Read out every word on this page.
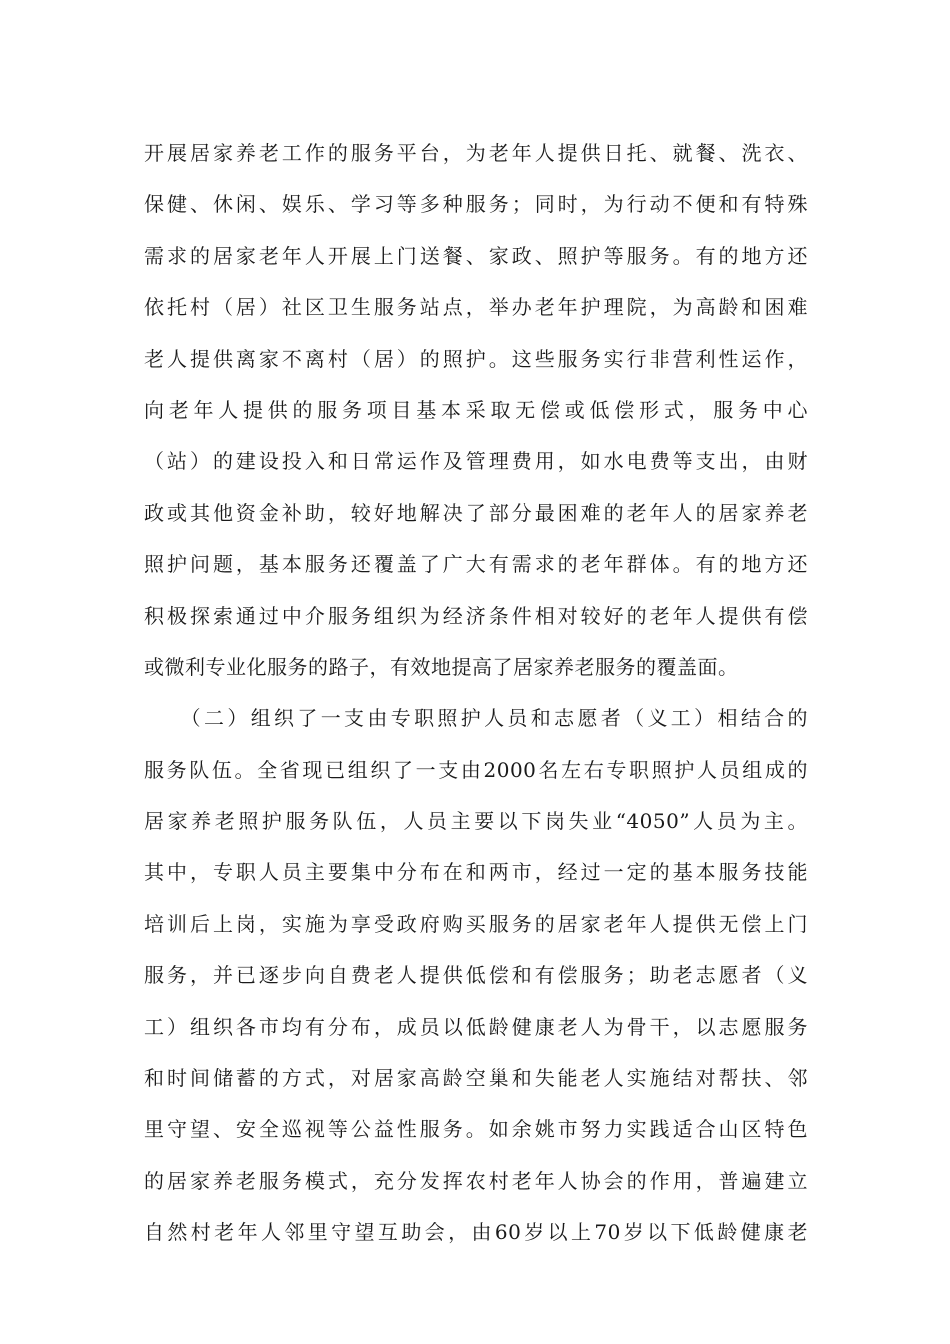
开展居家养老工作的服务平台，为老年人提供日托、就餐、洗衣、
保健、休闲、娱乐、学习等多种服务；同时，为行动不便和有特殊
需求的居家老年人开展上门送餐、家政、照护等服务。有的地方还
依托村（居）社区卫生服务站点，举办老年护理院，为高龄和困难
老人提供离家不离村（居）的照护。这些服务实行非营利性运作，
向老年人提供的服务项目基本采取无偿或低偿形式，服务中心
（站）的建设投入和日常运作及管理费用，如水电费等支出，由财
政或其他资金补助，较好地解决了部分最困难的老年人的居家养老
照护问题，基本服务还覆盖了广大有需求的老年群体。有的地方还
积极探索通过中介服务组织为经济条件相对较好的老年人提供有偿
或微利专业化服务的路子，有效地提高了居家养老服务的覆盖面。
　　（二）组织了一支由专职照护人员和志愿者（义工）相结合的
服务队伍。全省现已组织了一支由2000名左右专职照护人员组成的
居家养老照护服务队伍，人员主要以下岗失业“4050”人员为主。
其中，专职人员主要集中分布在和两市，经过一定的基本服务技能
培训后上岗，实施为享受政府购买服务的居家老年人提供无偿上门
服务，并已逐步向自费老人提供低偿和有偿服务；助老志愿者（义
工）组织各市均有分布，成员以低龄健康老人为骨干，以志愿服务
和时间储蓄的方式，对居家高龄空巢和失能老人实施结对帮扶、邻
里守望、安全巡视等公益性服务。如余姚市努力实践适合山区特色
的居家养老服务模式，充分发挥农村老年人协会的作用，普遍建立
自然村老年人邻里守望互助会，由60岁以上70岁以下低龄健康老
